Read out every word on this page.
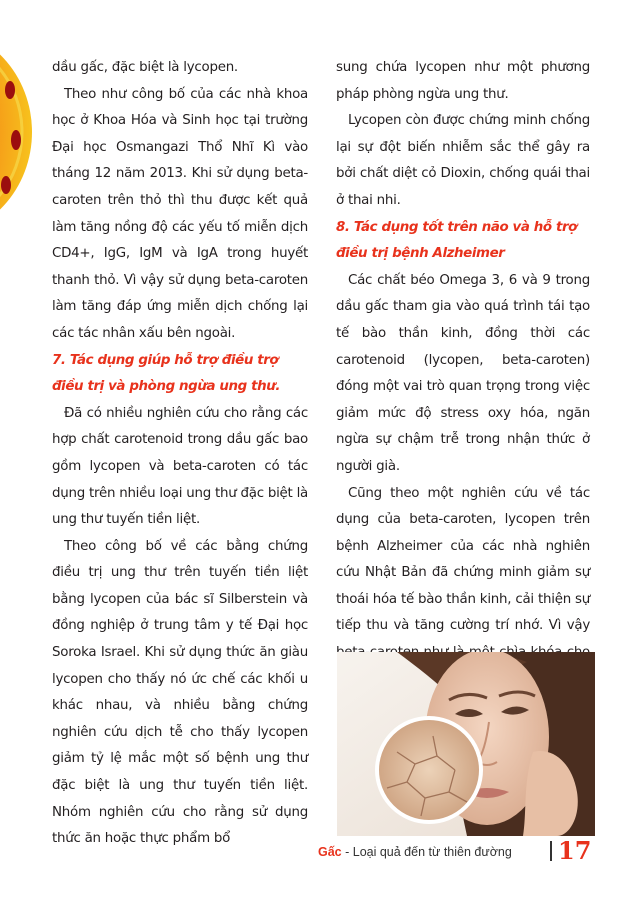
dầu gấc, đặc biệt là lycopen.

Theo như công bố của các nhà khoa học ở Khoa Hóa và Sinh học tại trường Đại học Osmangazi Thổ Nhĩ Kì vào tháng 12 năm 2013. Khi sử dụng beta-caroten trên thỏ thì thu được kết quả làm tăng nồng độ các yếu tố miễn dịch CD4+, IgG, IgM và IgA trong huyết thanh thỏ. Vì vậy sử dụng beta-caroten làm tăng đáp ứng miễn dịch chống lại các tác nhân xấu bên ngoài.

7. Tác dụng giúp hỗ trợ điều trợ điều trị và phòng ngừa ung thư.

Đã có nhiều nghiên cứu cho rằng các hợp chất carotenoid trong dầu gấc bao gồm lycopen và beta-caroten có tác dụng trên nhiều loại ung thư đặc biệt là ung thư tuyến tiền liệt.

Theo công bố về các bằng chứng điều trị ung thư trên tuyến tiền liệt bằng lycopen của bác sĩ Silberstein và đồng nghiệp ở trung tâm y tế Đại học Soroka Israel. Khi sử dụng thức ăn giàu lycopen cho thấy nó ức chế các khối u khác nhau, và nhiều bằng chứng nghiên cứu dịch tễ cho thấy lycopen giảm tỷ lệ mắc một số bệnh ung thư đặc biệt là ung thư tuyến tiền liệt. Nhóm nghiên cứu cho rằng sử dụng thức ăn hoặc thực phẩm bổ

sung chứa lycopen như một phương pháp phòng ngừa ung thư.

Lycopen còn được chứng minh chống lại sự đột biến nhiễm sắc thể gây ra bởi chất diệt cỏ Dioxin, chống quái thai ở thai nhi.

8. Tác dụng tốt trên não và hỗ trợ điều trị bệnh Alzheimer

Các chất béo Omega 3, 6 và 9 trong dầu gấc tham gia vào quá trình tái tạo tế bào thần kinh, đồng thời các carotenoid (lycopen, beta-caroten) đóng một vai trò quan trọng trong việc giảm mức độ stress oxy hóa, ngăn ngừa sự chậm trễ trong nhận thức ở người già.

Cũng theo một nghiên cứu về tác dụng của beta-caroten, lycopen trên bệnh Alzheimer của các nhà nghiên cứu Nhật Bản đã chứng minh giảm sự thoái hóa tế bào thần kinh, cải thiện sự tiếp thu và tăng cường trí nhớ. Vì vậy

Gấc - Loại quả đến từ thiên đường 17
